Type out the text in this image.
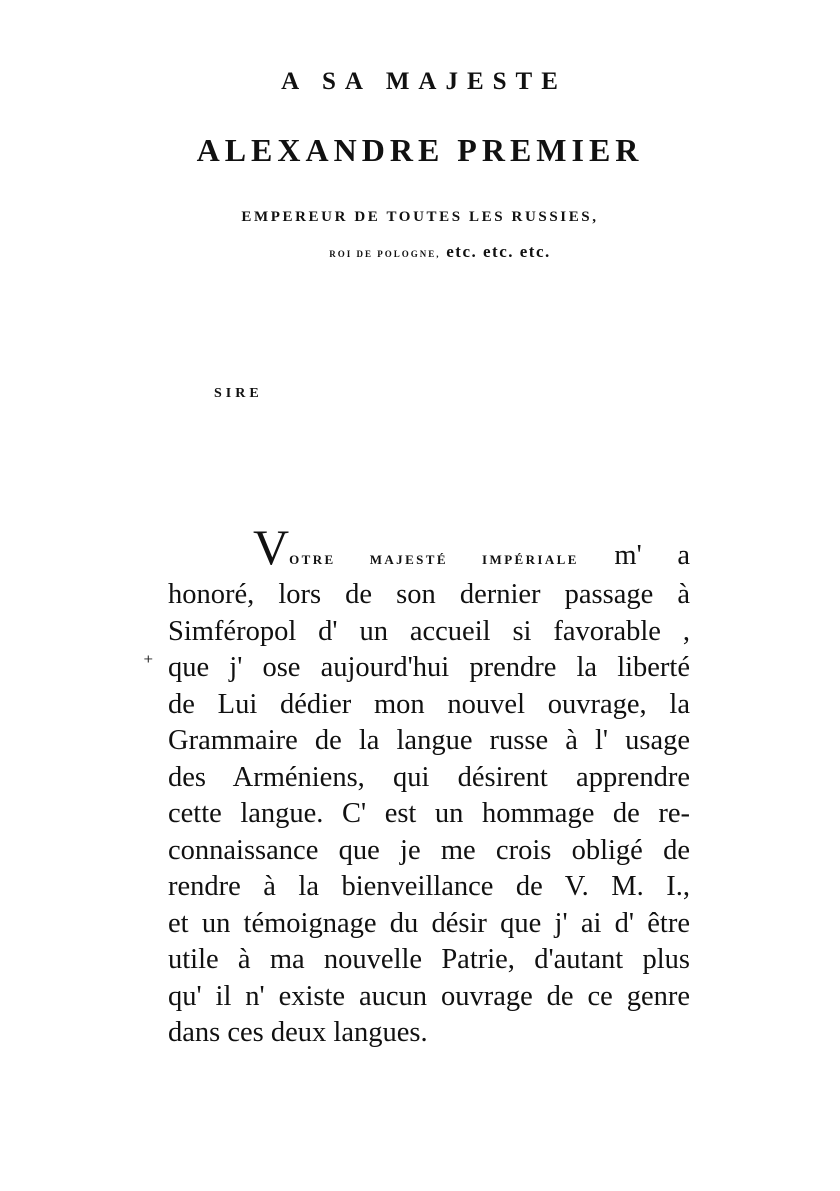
A SA MAJESTE
ALEXANDRE PREMIER
EMPEREUR DE TOUTES LES RUSSIES,
ROI DE POLOGNE, etc. etc. etc.
SIRE
⁺
VOTRE MAJESTÉ IMPÉRIALE m' a
honoré, lors de son dernier passage à
Simféropol d' un accueil si favorable ,
que j' ose aujourd'hui prendre la liberté
de Lui dédier mon nouvel ouvrage, la
Grammaire de la langue russe à l' usage
des Arméniens, qui désirent apprendre
cette langue. C' est un hommage de re-
connaissance que je me crois obligé de
rendre à la bienveillance de V. M. I.,
et un témoignage du désir que j' ai d' être
utile à ma nouvelle Patrie, d'autant plus
qu' il n' existe aucun ouvrage de ce genre
dans ces deux langues.
